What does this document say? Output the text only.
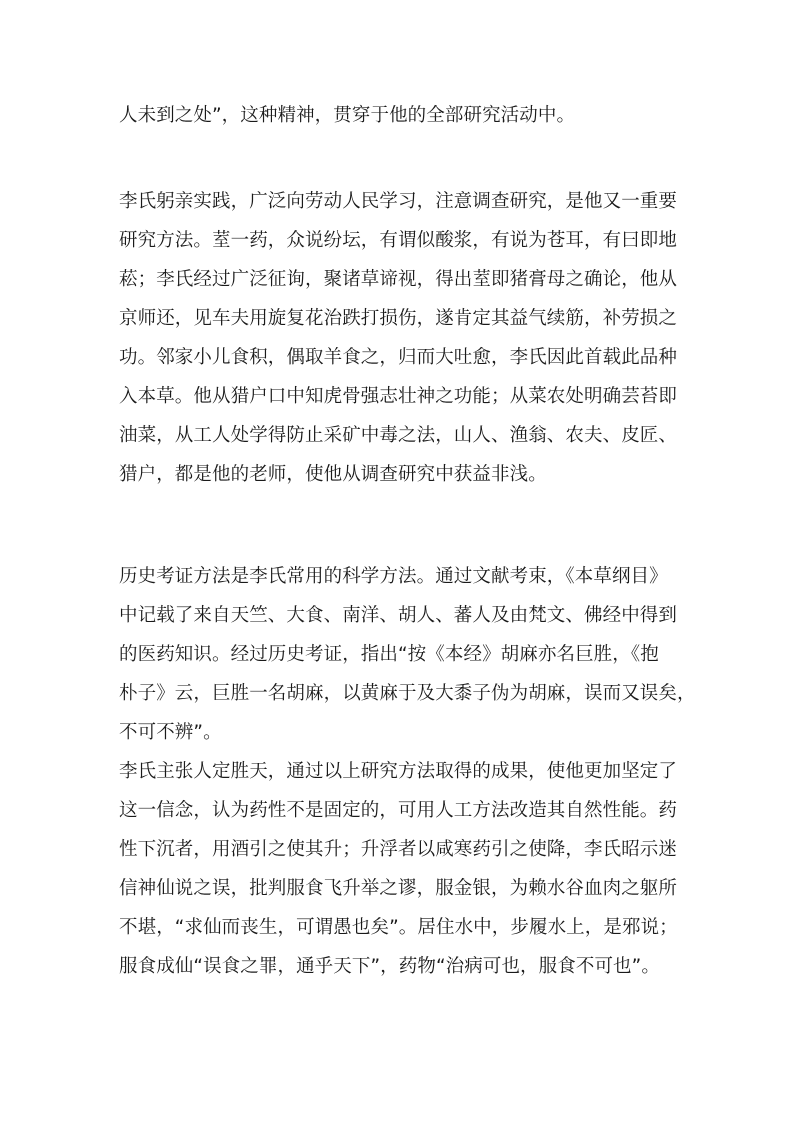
人未到之处”，这种精神，贯穿于他的全部研究活动中。
李氏躬亲实践，广泛向劳动人民学习，注意调查研究，是他又一重要
研究方法。荎一药，众说纷坛，有谓似酸浆，有说为苍耳，有曰即地
菘；李氏经过广泛征询，聚诸草谛视，得出荎即猪膏母之确论，他从
京师还，见车夫用旋复花治跌打损伤，遂肯定其益气续筋，补劳损之
功。邻家小儿食积，偶取羊食之，归而大吐愈，李氏因此首载此品种
入本草。他从猎户口中知虎骨强志壮神之功能；从菜农处明确芸苔即
油菜，从工人处学得防止采矿中毒之法，山人、渔翁、农夫、皮匠、
猎户，都是他的老师，使他从调查研究中获益非浅。
历史考证方法是李氏常用的科学方法。通过文献考束，《本草纲目》
中记载了来自天竺、大食、南洋、胡人、蕃人及由梵文、佛经中得到
的医药知识。经过历史考证，指出“按《本经》胡麻亦名巨胜，《抱
朴子》云，巨胜一名胡麻，以黄麻于及大黍子伪为胡麻，误而又误矣，
不可不辨”。
李氏主张人定胜天，通过以上研究方法取得的成果，使他更加坚定了
这一信念，认为药性不是固定的，可用人工方法改造其自然性能。药
性下沉者，用酒引之使其升；升浮者以咸寒药引之使降，李氏昭示迷
信神仙说之误，批判服食飞升举之谬，服金银，为赖水谷血肉之躯所
不堪，“求仙而丧生，可谓愚也矣”。居住水中，步履水上，是邪说；
服食成仙“误食之罪，通乎天下”，药物“治病可也，服食不可也”。
